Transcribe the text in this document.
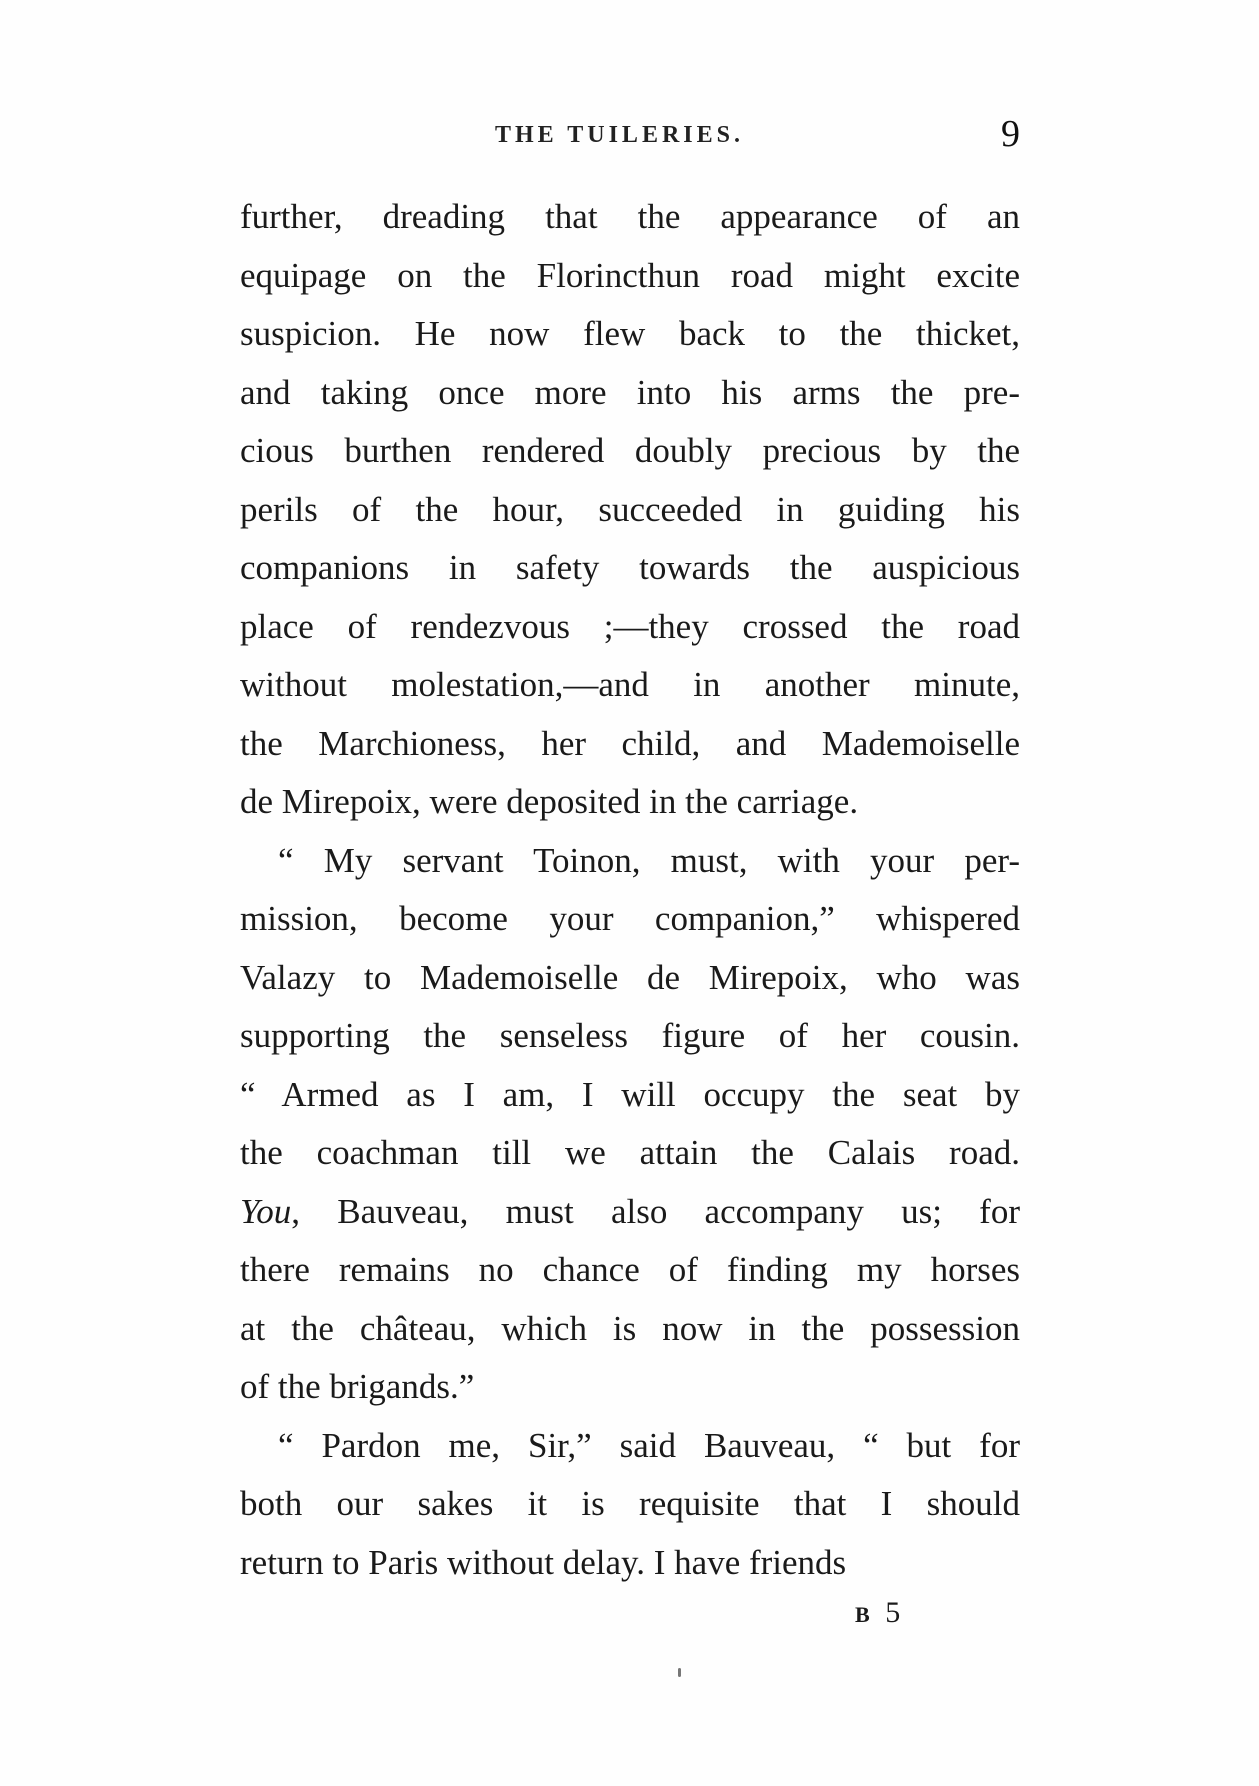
THE TUILERIES.	9
further, dreading that the appearance of an
equipage on the Florincthun road might excite
suspicion. He now flew back to the thicket,
and taking once more into his arms the pre-
cious burthen rendered doubly precious by the
perils of the hour, succeeded in guiding his
companions in safety towards the auspicious
place of rendezvous ;—they crossed the road
without molestation,—and in another minute,
the Marchioness, her child, and Mademoiselle
de Mirepoix, were deposited in the carriage.
“ My servant Toinon, must, with your per-
mission, become your companion,” whispered
Valazy to Mademoiselle de Mirepoix, who was
supporting the senseless figure of her cousin.
“ Armed as I am, I will occupy the seat by
the coachman till we attain the Calais road.
You, Bauveau, must also accompany us; for
there remains no chance of finding my horses
at the château, which is now in the possession
of the brigands.”
“ Pardon me, Sir,” said Bauveau, “ but for
both our sakes it is requisite that I should
return to Paris without delay. I have friends
B 5
